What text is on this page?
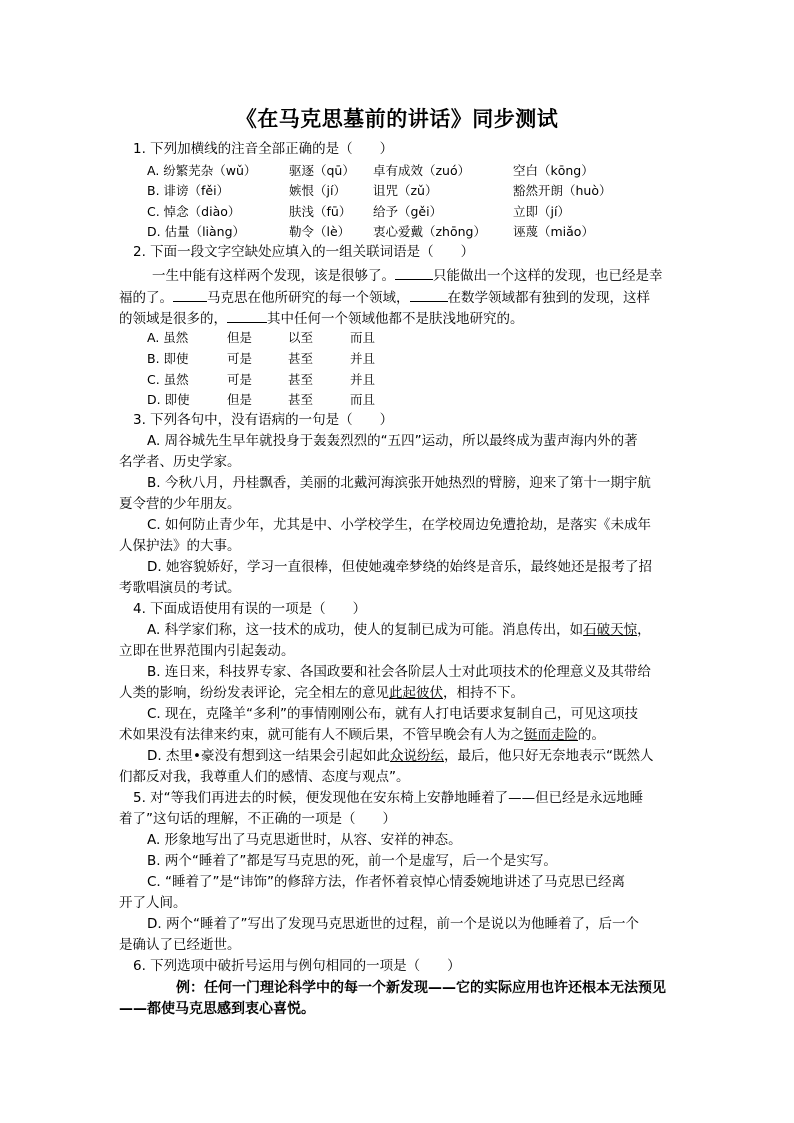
《在马克思墓前的讲话》同步测试
1. 下列加横线的注音全部正确的是（　　）
A. 纷繁芜杂（wǔ）	驱逐（qū） 卓有成效（zuó）	空白（kōng）
B. 诽谤（fěi）	嫉恨（jí） 诅咒（zǔ）	豁然开朗（huò）
C. 悼念（diào）	肤浅（fū） 给予（gěi）	立即（jí）
D. 估量（liàng）	勒令（lè） 衷心爱戴（zhōng） 诬蔑（miǎo）
2. 下面一段文字空缺处应填入的一组关联词语是（　　）
一生中能有这样两个发现，该是很够了。	只能做出一个这样的发现，也已经是幸
福的了。	马克思在他所研究的每一个领域，	在数学领域都有独到的发现，这样
的领域是很多的，	其中任何一个领域他都不是肤浅地研究的。
A. 虽然	但是	以至	而且
B. 即使	可是	甚至	并且
C. 虽然	可是	甚至	并且
D. 即使	但是	甚至	而且
3. 下列各句中，没有语病的一句是（　　）
A. 周谷城先生早年就投身于轰轰烈烈的“五四”运动，所以最终成为蜚声海内外的著
名学者、历史学家。
B. 今秋八月，丹桂飘香，美丽的北戴河海滨张开她热烈的臂膀，迎来了第十一期宇航
夏令营的少年朋友。
C. 如何防止青少年，尤其是中、小学校学生，在学校周边免遭抢劫，是落实《未成年
人保护法》的大事。
D. 她容貌娇好，学习一直很棒，但使她魂牵梦绕的始终是音乐，最终她还是报考了招
考歌唱演员的考试。
4. 下面成语使用有误的一项是（　　）
A. 科学家们称，这一技术的成功，使人的复制已成为可能。消息传出，如石破天惊，
立即在世界范围内引起轰动。
B. 连日来，科技界专家、各国政要和社会各阶层人士对此项技术的伦理意义及其带给
人类的影响，纷纷发表评论，完全相左的意见此起彼伏，相持不下。
C. 现在，克隆羊“多利”的事情刚刚公布，就有人打电话要求复制自己，可见这项技
术如果没有法律来约束，就可能有人不顾后果，不管早晚会有人为之铤而走险的。
D. 杰里•豪没有想到这一结果会引起如此众说纷纭，最后，他只好无奈地表示“既然人
们都反对我，我尊重人们的感情、态度与观点”。
5. 对“等我们再进去的时候，便发现他在安东椅上安静地睡着了——但已经是永远地睡
着了”这句话的理解，不正确的一项是（　　）
A. 形象地写出了马克思逝世时，从容、安祥的神态。
B. 两个“睡着了”都是写马克思的死，前一个是虚写，后一个是实写。
C. “睡着了”是“讳饰”的修辞方法，作者怀着哀悼心情委婉地讲述了马克思已经离
开了人间。
D. 两个“睡着了”写出了发现马克思逝世的过程，前一个是说以为他睡着了，后一个
是确认了已经逝世。
6. 下列选项中破折号运用与例句相同的一项是（　　）
例：任何一门理论科学中的每一个新发现——它的实际应用也许还根本无法预见
——都使马克思感到衷心喜悦。
